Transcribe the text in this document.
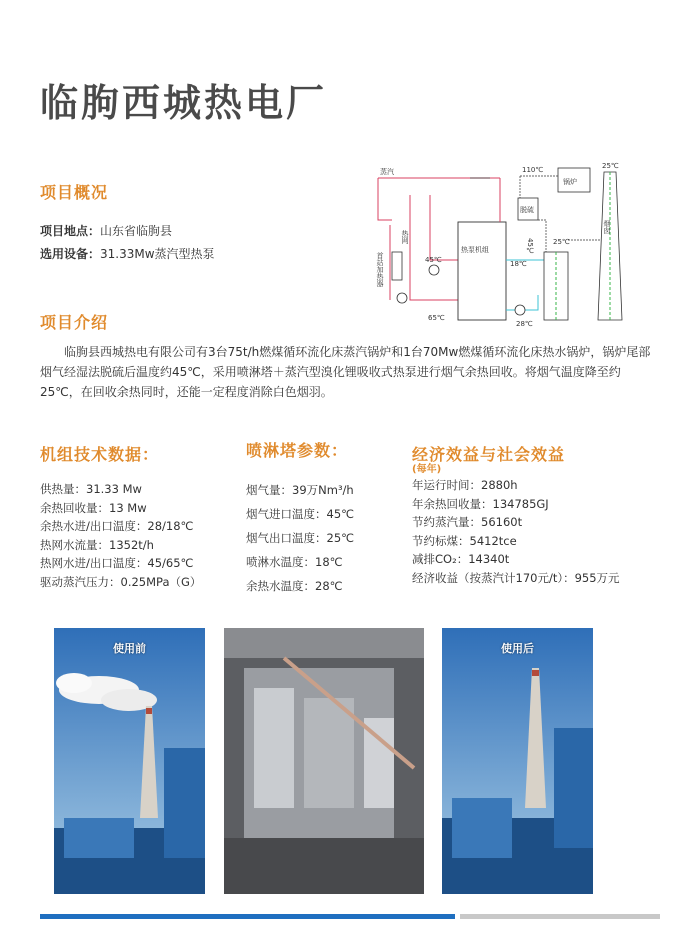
临朐西城热电厂
项目概况
项目地点：山东省临朐县
选用设备：31.33Mw蒸汽型热泵
蒸汽
首站加热器
热网
45℃
65℃
热泵机组
18℃
28℃
脱硫
锅炉
110℃
45℃	25℃
25℃
烟囱
项目介绍

临朐县西城热电有限公司有3台75t/h燃煤循环流化床蒸汽锅炉和1台70Mw燃煤循环流化床热水锅炉，锅炉尾部烟气经湿法脱硫后温度约45℃，采用喷淋塔＋蒸汽型溴化锂吸收式热泵进行烟气余热回收。将烟气温度降至约25℃，在回收余热同时，还能一定程度消除白色烟羽。

机组技术数据：
供热量：31.33 Mw
余热回收量：13 Mw
余热水进/出口温度：28/18℃
热网水流量：1352t/h
热网水进/出口温度：45/65℃
驱动蒸汽压力：0.25MPa（G）
喷淋塔参数：
烟气量：39万Nm³/h
烟气进口温度：45℃
烟气出口温度：25℃
喷淋水温度：18℃
余热水温度：28℃
经济效益与社会效益
(每年)
年运行时间：2880h
年余热回收量：134785GJ
节约蒸汽量：56160t
节约标煤：5412tce
减排CO₂：14340t
经济收益（按蒸汽计170元/t）：955万元
使用前	使用后
